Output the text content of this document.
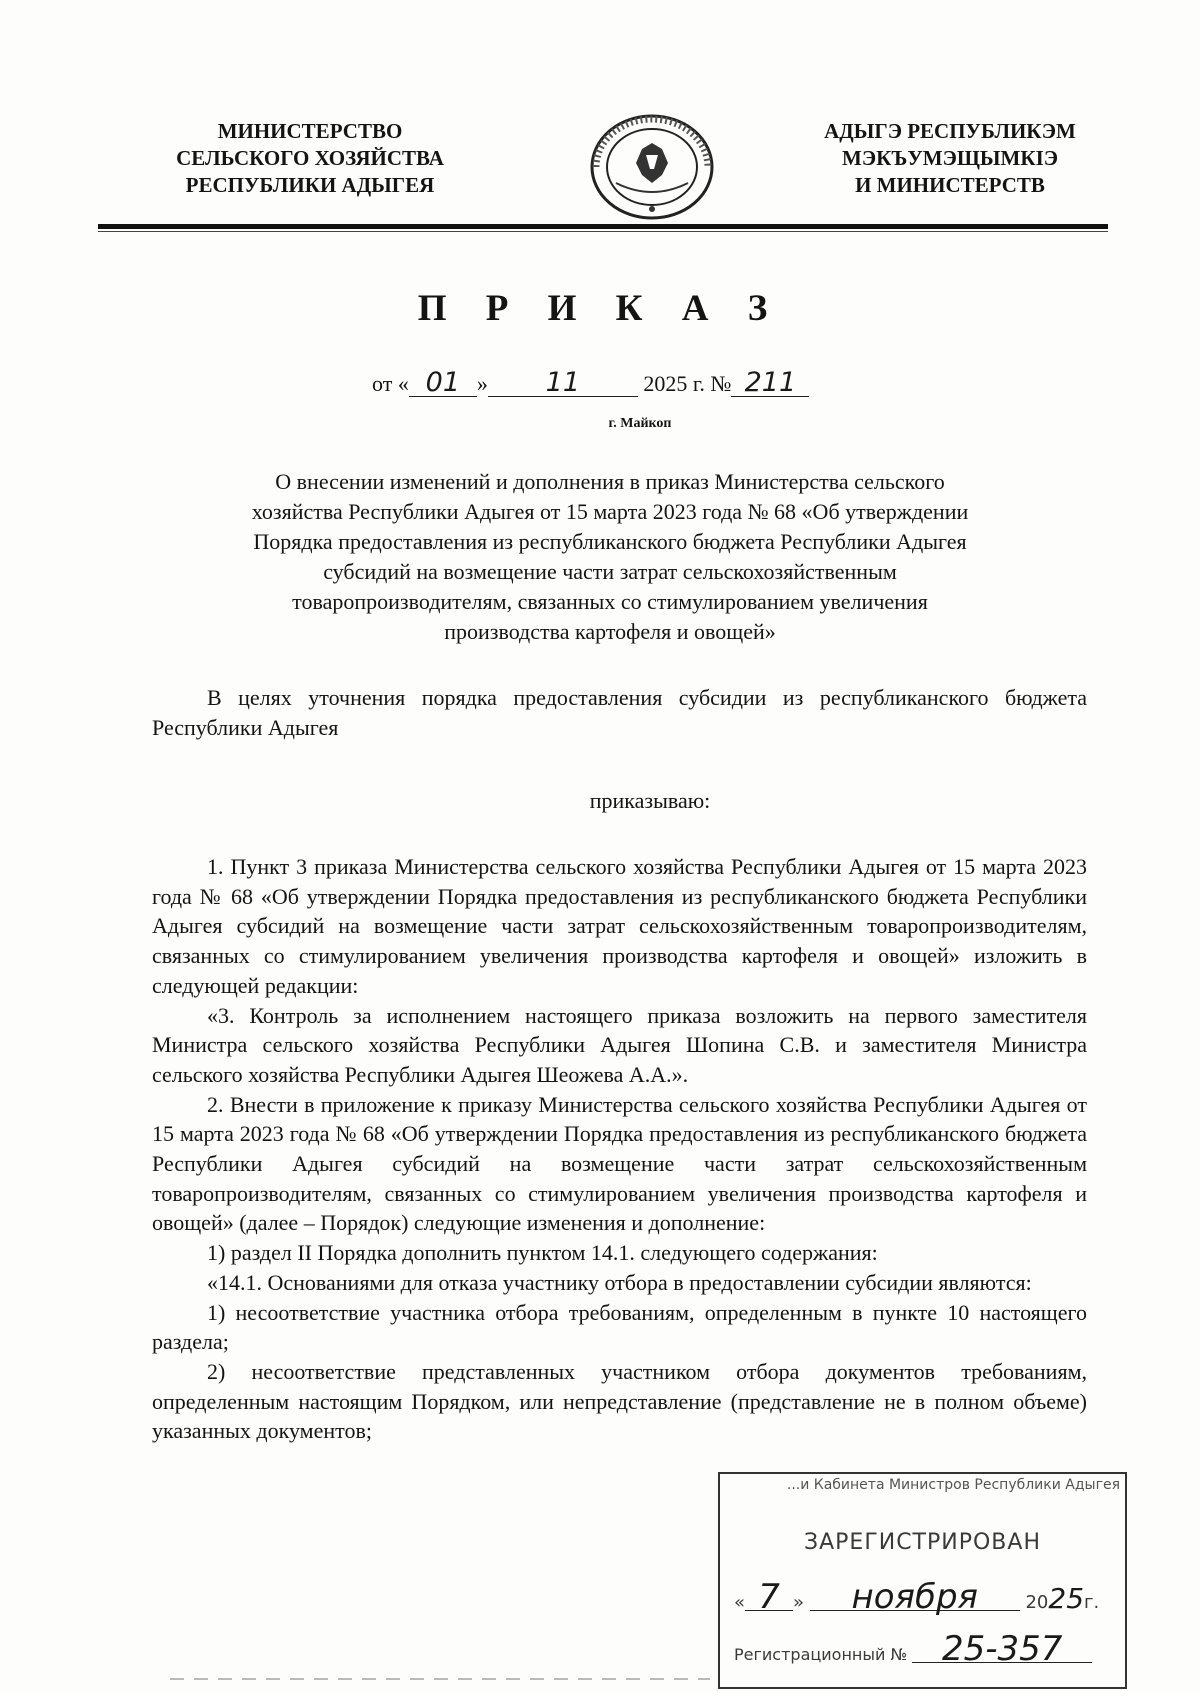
МИНИСТЕРСТВО
СЕЛЬСКОГО ХОЗЯЙСТВА
РЕСПУБЛИКИ АДЫГЕЯ
АДЫГЭ РЕСПУБЛИКЭМ
МЭКЪУМЭЩЫМКIЭ
И МИНИСТЕРСТВ
П Р И К А З
от « 01 » 11	2025 г. № 211
г. Майкоп
О внесении изменений и дополнения в приказ Министерства сельского
хозяйства Республики Адыгея от 15 марта 2023 года № 68 «Об утверждении
Порядка предоставления из республиканского бюджета Республики Адыгея
субсидий на возмещение части затрат сельскохозяйственным
товаропроизводителям, связанных со стимулированием увеличения
производства картофеля и овощей»

В целях уточнения порядка предоставления субсидии из республиканского бюджета Республики Адыгея

приказываю:

1. Пункт 3 приказа Министерства сельского хозяйства Республики Адыгея от 15 марта 2023 года № 68 «Об утверждении Порядка предоставления из республиканского бюджета Республики Адыгея субсидий на возмещение части затрат сельскохозяйственным товаропроизводителям, связанных со стимулированием увеличения производства картофеля и овощей» изложить в следующей редакции:

«3. Контроль за исполнением настоящего приказа возложить на первого заместителя Министра сельского хозяйства Республики Адыгея Шопина С.В. и заместителя Министра сельского хозяйства Республики Адыгея Шеожева А.А.».

2. Внести в приложение к приказу Министерства сельского хозяйства Республики Адыгея от 15 марта 2023 года № 68 «Об утверждении Порядка предоставления из республиканского бюджета Республики Адыгея субсидий на возмещение части затрат сельскохозяйственным товаропроизводителям, связанных со стимулированием увеличения производства картофеля и овощей» (далее – Порядок) следующие изменения и дополнение:

1) раздел II Порядка дополнить пунктом 14.1. следующего содержания:

«14.1. Основаниями для отказа участнику отбора в предоставлении субсидии являются:

1) несоответствие участника отбора требованиям, определенным в пункте 10 настоящего раздела;

2) несоответствие представленных участником отбора документов требованиям, определенным настоящим Порядком, или непредставление (представление не в полном объеме) указанных документов;

...и Кабинета Министров Республики Адыгея
ЗАРЕГИСТРИРОВАН
« 7 » ноября	2025г.
Регистрационный № 25-357
